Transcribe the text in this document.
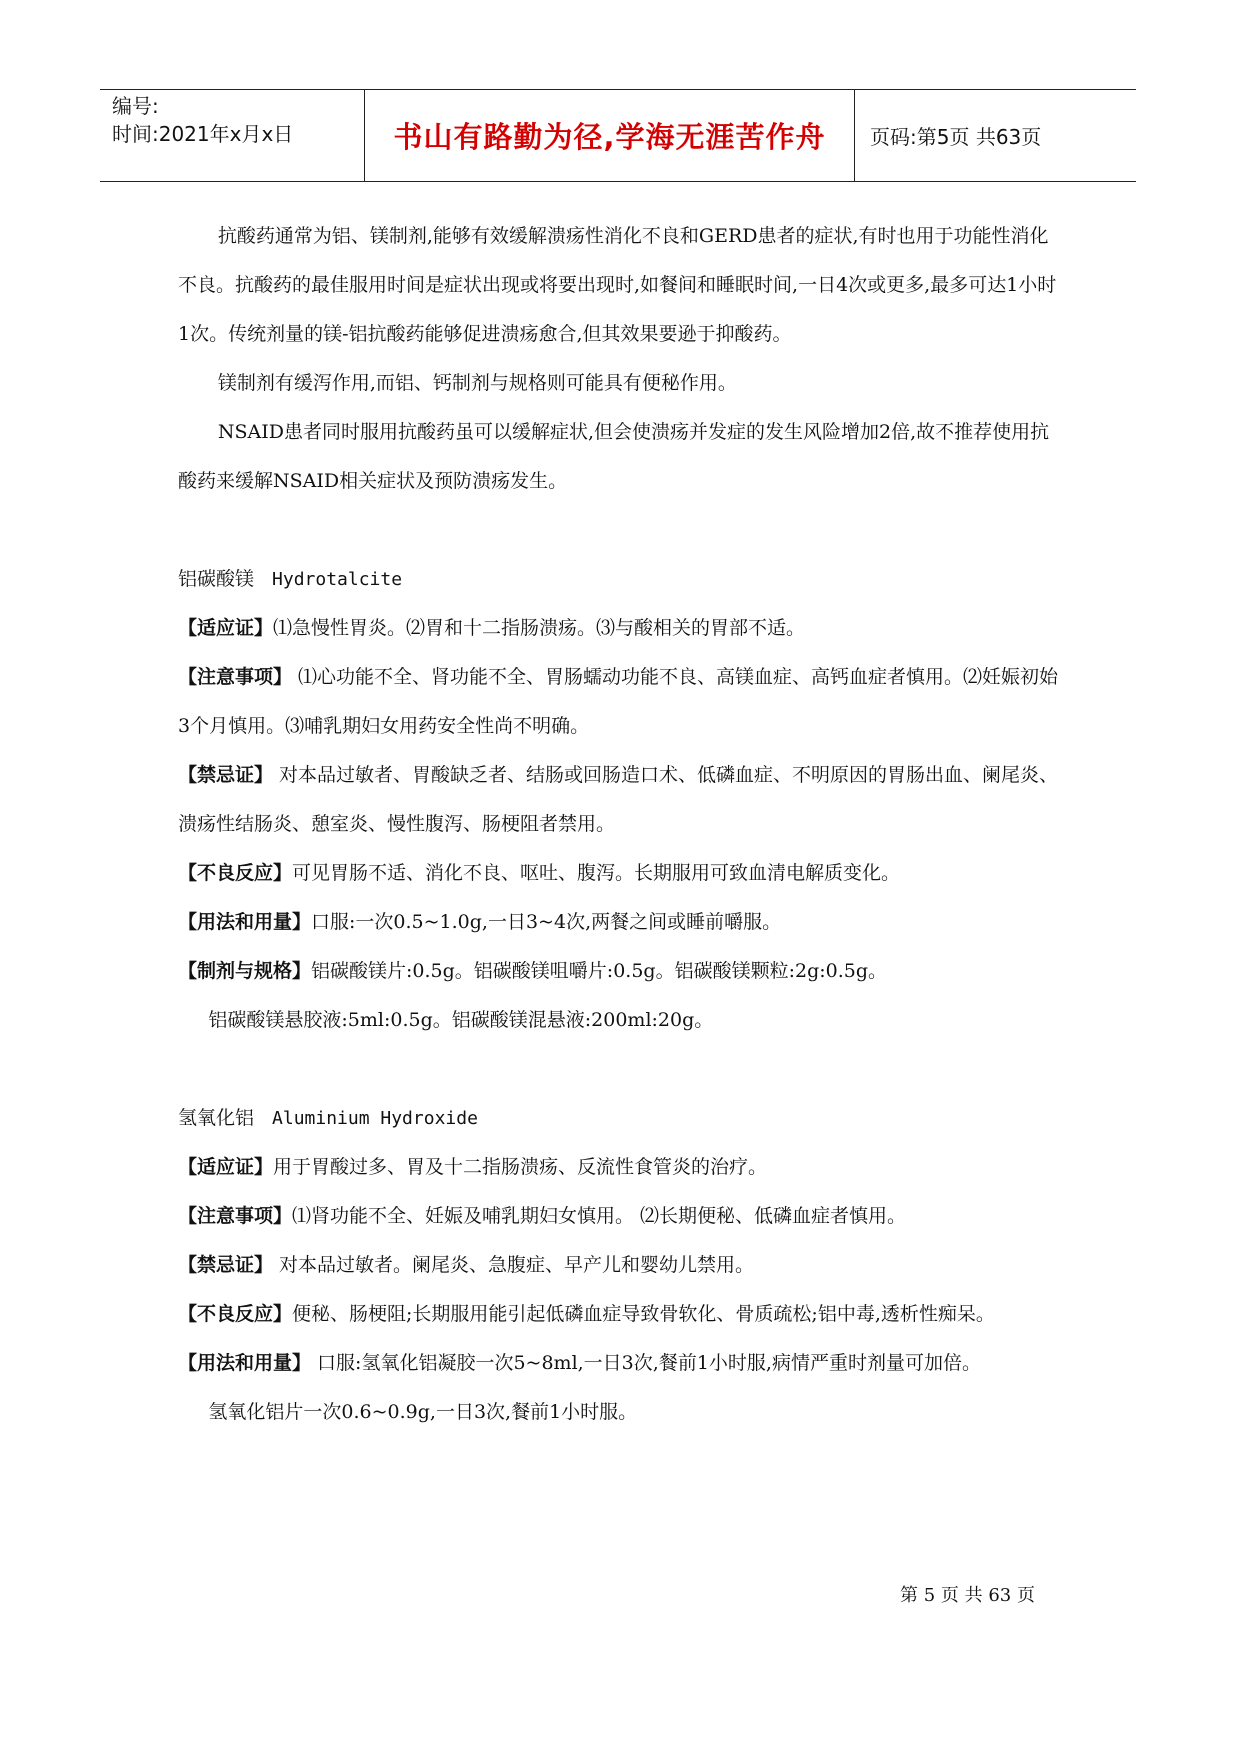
编号:
时间:2021年x月x日	书山有路勤为径,学海无涯苦作舟	页码:第5页 共63页

抗酸药通常为铝、镁制剂,能够有效缓解溃疡性消化不良和GERD患者的症状,有时也用于功能性消化不良。抗酸药的最佳服用时间是症状出现或将要出现时,如餐间和睡眠时间,一日4次或更多,最多可达1小时1次。传统剂量的镁-铝抗酸药能够促进溃疡愈合,但其效果要逊于抑酸药。

镁制剂有缓泻作用,而铝、钙制剂与规格则可能具有便秘作用。

NSAID患者同时服用抗酸药虽可以缓解症状,但会使溃疡并发症的发生风险增加2倍,故不推荐使用抗酸药来缓解NSAID相关症状及预防溃疡发生。

铝碳酸镁 Hydrotalcite

【适应证】⑴急慢性胃炎。⑵胃和十二指肠溃疡。⑶与酸相关的胃部不适。

【注意事项】 ⑴心功能不全、肾功能不全、胃肠蠕动功能不良、高镁血症、高钙血症者慎用。⑵妊娠初始3个月慎用。⑶哺乳期妇女用药安全性尚不明确。

【禁忌证】 对本品过敏者、胃酸缺乏者、结肠或回肠造口术、低磷血症、不明原因的胃肠出血、阑尾炎、溃疡性结肠炎、憩室炎、慢性腹泻、肠梗阻者禁用。

【不良反应】可见胃肠不适、消化不良、呕吐、腹泻。长期服用可致血清电解质变化。

【用法和用量】口服:一次0.5~1.0g,一日3~4次,两餐之间或睡前嚼服。

【制剂与规格】铝碳酸镁片:0.5g。铝碳酸镁咀嚼片:0.5g。铝碳酸镁颗粒:2g:0.5g。

铝碳酸镁悬胶液:5ml:0.5g。铝碳酸镁混悬液:200ml:20g。

氢氧化铝 Aluminium Hydroxide

【适应证】用于胃酸过多、胃及十二指肠溃疡、反流性食管炎的治疗。

【注意事项】⑴肾功能不全、妊娠及哺乳期妇女慎用。 ⑵长期便秘、低磷血症者慎用。

【禁忌证】 对本品过敏者。阑尾炎、急腹症、早产儿和婴幼儿禁用。

【不良反应】便秘、肠梗阻;长期服用能引起低磷血症导致骨软化、骨质疏松;铝中毒,透析性痴呆。

【用法和用量】 口服:氢氧化铝凝胶一次5~8ml,一日3次,餐前1小时服,病情严重时剂量可加倍。

氢氧化铝片一次0.6~0.9g,一日3次,餐前1小时服。

第 5 页 共 63 页
